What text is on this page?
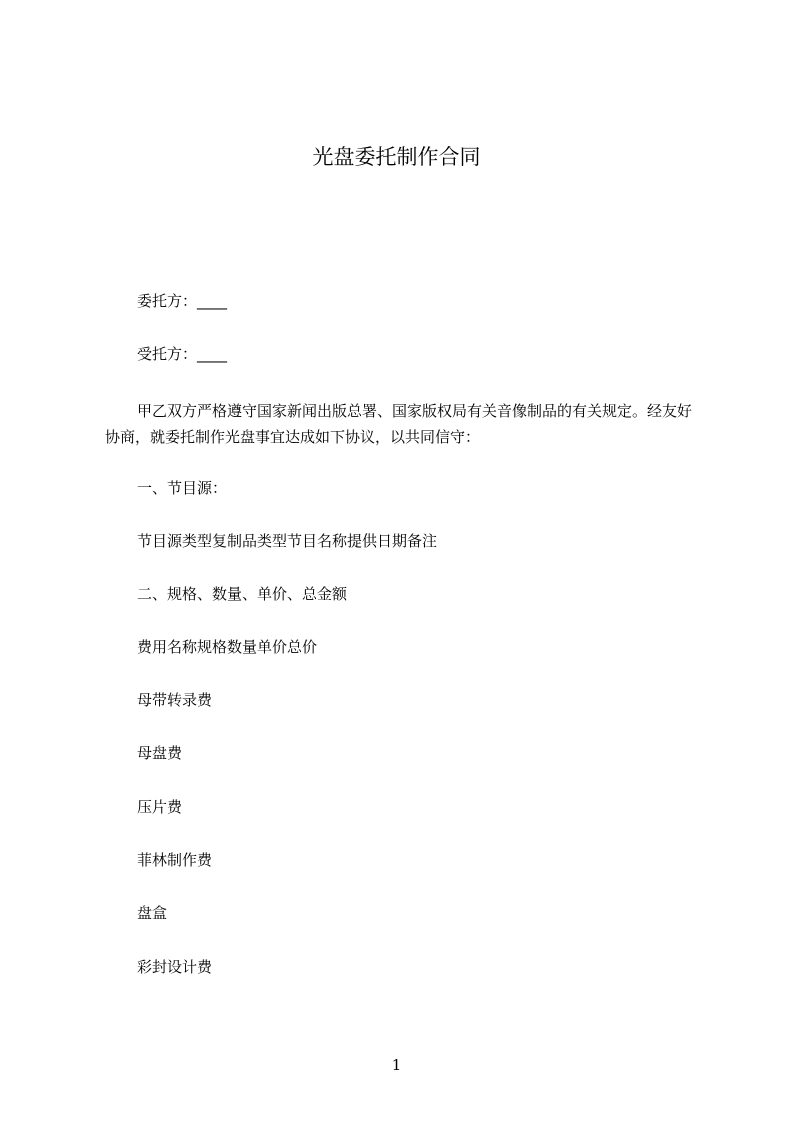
光盘委托制作合同
委托方：____
受托方：____
甲乙双方严格遵守国家新闻出版总署、国家版权局有关音像制品的有关规定。经友好协商，就委托制作光盘事宜达成如下协议，以共同信守：
一、节目源：
节目源类型复制品类型节目名称提供日期备注
二、规格、数量、单价、总金额
费用名称规格数量单价总价
母带转录费
母盘费
压片费
菲林制作费
盘盒
彩封设计费
1
